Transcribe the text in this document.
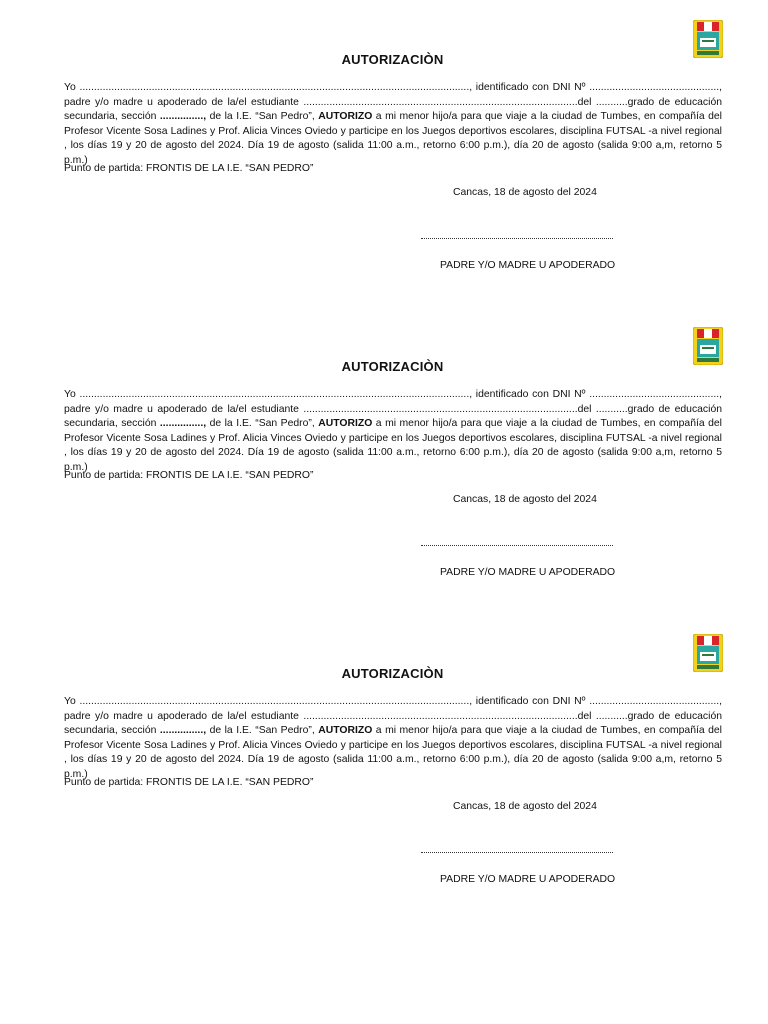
AUTORIZACIÒN

Yo ......................................................................................................................................., identificado con DNI Nº ............................................., padre y/o madre u apoderado de la/el estudiante ...............................................................................................del ...........grado de educación secundaria, sección ..............., de la I.E. “San Pedro”, AUTORIZO a mi menor hijo/a para que viaje a la ciudad de Tumbes, en compañía del Profesor Vicente Sosa Ladines y Prof. Alicia Vinces Oviedo y participe en los Juegos deportivos escolares, disciplina FUTSAL -a nivel regional , los días 19 y 20 de agosto del 2024. Día 19 de agosto (salida 11:00 a.m., retorno 6:00 p.m.), día 20 de agosto (salida 9:00 a,m, retorno 5 p.m.)

Punto de partida: FRONTIS DE LA I.E. “SAN PEDRO”
Cancas, 18 de agosto del 2024
PADRE Y/O MADRE U APODERADO
AUTORIZACIÒN

Yo ......................................................................................................................................., identificado con DNI Nº ............................................., padre y/o madre u apoderado de la/el estudiante ...............................................................................................del ...........grado de educación secundaria, sección ..............., de la I.E. “San Pedro”, AUTORIZO a mi menor hijo/a para que viaje a la ciudad de Tumbes, en compañía del Profesor Vicente Sosa Ladines y Prof. Alicia Vinces Oviedo y participe en los Juegos deportivos escolares, disciplina FUTSAL -a nivel regional , los días 19 y 20 de agosto del 2024. Día 19 de agosto (salida 11:00 a.m., retorno 6:00 p.m.), día 20 de agosto (salida 9:00 a,m, retorno 5 p.m.)

Punto de partida: FRONTIS DE LA I.E. “SAN PEDRO”
Cancas, 18 de agosto del 2024
PADRE Y/O MADRE U APODERADO
AUTORIZACIÒN

Yo ......................................................................................................................................., identificado con DNI Nº ............................................., padre y/o madre u apoderado de la/el estudiante ...............................................................................................del ...........grado de educación secundaria, sección ..............., de la I.E. “San Pedro”, AUTORIZO a mi menor hijo/a para que viaje a la ciudad de Tumbes, en compañía del Profesor Vicente Sosa Ladines y Prof. Alicia Vinces Oviedo y participe en los Juegos deportivos escolares, disciplina FUTSAL -a nivel regional , los días 19 y 20 de agosto del 2024. Día 19 de agosto (salida 11:00 a.m., retorno 6:00 p.m.), día 20 de agosto (salida 9:00 a,m, retorno 5 p.m.)

Punto de partida: FRONTIS DE LA I.E. “SAN PEDRO”
Cancas, 18 de agosto del 2024
PADRE Y/O MADRE U APODERADO
